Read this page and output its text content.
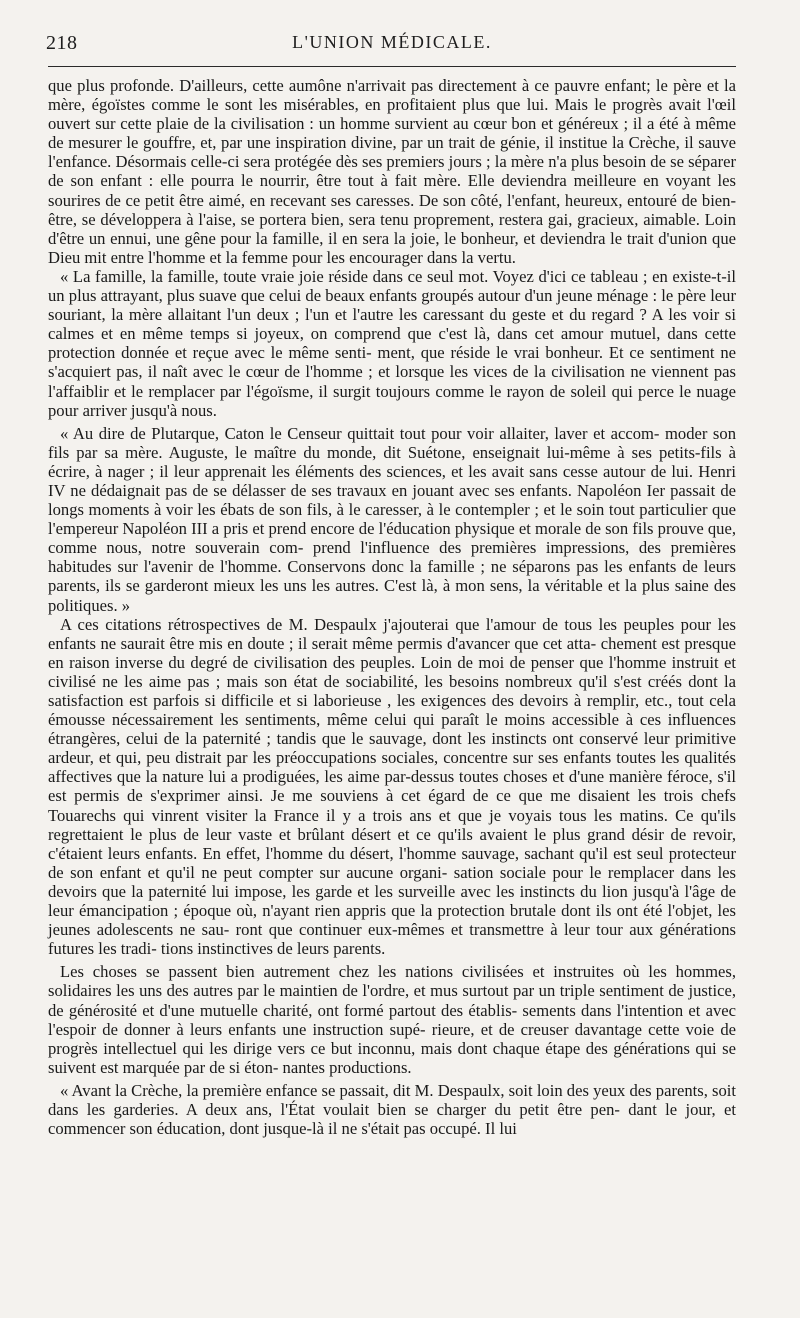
218	L'UNION MÉDICALE.

que plus profonde. D'ailleurs, cette aumône n'arrivait pas directement à ce pauvre enfant; le père et la mère, égoïstes comme le sont les misérables, en profitaient plus que lui. Mais le progrès avait l'œil ouvert sur cette plaie de la civilisation : un homme survient au cœur bon et généreux ; il a été à même de mesurer le gouffre, et, par une inspiration divine, par un trait de génie, il institue la Crèche, il sauve l'enfance. Désormais celle-ci sera protégée dès ses premiers jours ; la mère n'a plus besoin de se séparer de son enfant : elle pourra le nourrir, être tout à fait mère. Elle deviendra meilleure en voyant les sourires de ce petit être aimé, en recevant ses caresses. De son côté, l'enfant, heureux, entouré de bien-être, se développera à l'aise, se portera bien, sera tenu proprement, restera gai, gracieux, aimable. Loin d'être un ennui, une gêne pour la famille, il en sera la joie, le bonheur, et deviendra le trait d'union que Dieu mit entre l'homme et la femme pour les encourager dans la vertu.

« La famille, la famille, toute vraie joie réside dans ce seul mot. Voyez d'ici ce tableau ; en existe-t-il un plus attrayant, plus suave que celui de beaux enfants groupés autour d'un jeune ménage : le père leur souriant, la mère allaitant l'un deux ; l'un et l'autre les caressant du geste et du regard ? A les voir si calmes et en même temps si joyeux, on comprend que c'est là, dans cet amour mutuel, dans cette protection donnée et reçue avec le même senti- ment, que réside le vrai bonheur. Et ce sentiment ne s'acquiert pas, il naît avec le cœur de l'homme ; et lorsque les vices de la civilisation ne viennent pas l'affaiblir et le remplacer par l'égoïsme, il surgit toujours comme le rayon de soleil qui perce le nuage pour arriver jusqu'à nous.

« Au dire de Plutarque, Caton le Censeur quittait tout pour voir allaiter, laver et accom- moder son fils par sa mère. Auguste, le maître du monde, dit Suétone, enseignait lui-même à ses petits-fils à écrire, à nager ; il leur apprenait les éléments des sciences, et les avait sans cesse autour de lui. Henri IV ne dédaignait pas de se délasser de ses travaux en jouant avec ses enfants. Napoléon Ier passait de longs moments à voir les ébats de son fils, à le caresser, à le contempler ; et le soin tout particulier que l'empereur Napoléon III a pris et prend encore de l'éducation physique et morale de son fils prouve que, comme nous, notre souverain com- prend l'influence des premières impressions, des premières habitudes sur l'avenir de l'homme. Conservons donc la famille ; ne séparons pas les enfants de leurs parents, ils se garderont mieux les uns les autres. C'est là, à mon sens, la véritable et la plus saine des politiques. »

A ces citations rétrospectives de M. Despaulx j'ajouterai que l'amour de tous les peuples pour les enfants ne saurait être mis en doute ; il serait même permis d'avancer que cet atta- chement est presque en raison inverse du degré de civilisation des peuples. Loin de moi de penser que l'homme instruit et civilisé ne les aime pas ; mais son état de sociabilité, les besoins nombreux qu'il s'est créés dont la satisfaction est parfois si difficile et si laborieuse , les exigences des devoirs à remplir, etc., tout cela émousse nécessairement les sentiments, même celui qui paraît le moins accessible à ces influences étrangères, celui de la paternité ; tandis que le sauvage, dont les instincts ont conservé leur primitive ardeur, et qui, peu distrait par les préoccupations sociales, concentre sur ses enfants toutes les qualités affectives que la nature lui a prodiguées, les aime par-dessus toutes choses et d'une manière féroce, s'il est permis de s'exprimer ainsi. Je me souviens à cet égard de ce que me disaient les trois chefs Touarechs qui vinrent visiter la France il y a trois ans et que je voyais tous les matins. Ce qu'ils regrettaient le plus de leur vaste et brûlant désert et ce qu'ils avaient le plus grand désir de revoir, c'étaient leurs enfants. En effet, l'homme du désert, l'homme sauvage, sachant qu'il est seul protecteur de son enfant et qu'il ne peut compter sur aucune organi- sation sociale pour le remplacer dans les devoirs que la paternité lui impose, les garde et les surveille avec les instincts du lion jusqu'à l'âge de leur émancipation ; époque où, n'ayant rien appris que la protection brutale dont ils ont été l'objet, les jeunes adolescents ne sau- ront que continuer eux-mêmes et transmettre à leur tour aux générations futures les tradi- tions instinctives de leurs parents.

Les choses se passent bien autrement chez les nations civilisées et instruites où les hommes, solidaires les uns des autres par le maintien de l'ordre, et mus surtout par un triple sentiment de justice, de générosité et d'une mutuelle charité, ont formé partout des établis- sements dans l'intention et avec l'espoir de donner à leurs enfants une instruction supé- rieure, et de creuser davantage cette voie de progrès intellectuel qui les dirige vers ce but inconnu, mais dont chaque étape des générations qui se suivent est marquée par de si éton- nantes productions.

« Avant la Crèche, la première enfance se passait, dit M. Despaulx, soit loin des yeux des parents, soit dans les garderies. A deux ans, l'État voulait bien se charger du petit être pen- dant le jour, et commencer son éducation, dont jusque-là il ne s'était pas occupé. Il lui
